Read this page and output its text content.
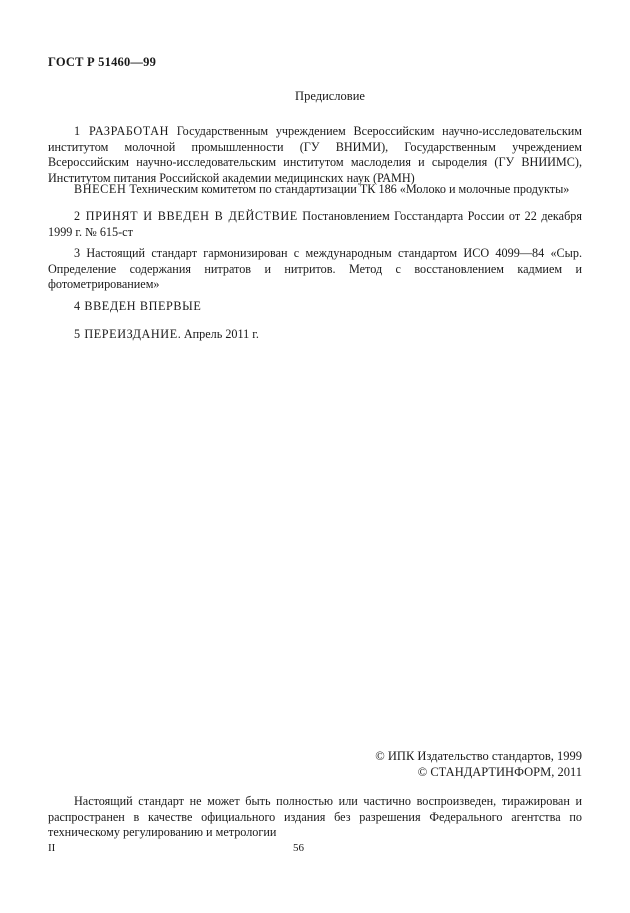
ГОСТ Р 51460—99
Предисловие

1 РАЗРАБОТАН Государственным учреждением Всероссийским научно-исследовательским институтом молочной промышленности (ГУ ВНИМИ), Государственным учреждением Всероссийским научно-исследовательским институтом маслоделия и сыроделия (ГУ ВНИИМС), Институтом питания Российской академии медицинских наук (РАМН)

ВНЕСЕН Техническим комитетом по стандартизации ТК 186 «Молоко и молочные продукты»

2 ПРИНЯТ И ВВЕДЕН В ДЕЙСТВИЕ Постановлением Госстандарта России от 22 декабря 1999 г. № 615-ст

3 Настоящий стандарт гармонизирован с международным стандартом ИСО 4099—84 «Сыр. Определение содержания нитратов и нитритов. Метод с восстановлением кадмием и фотометрированием»

4 ВВЕДЕН ВПЕРВЫЕ

5 ПЕРЕИЗДАНИЕ. Апрель 2011 г.

© ИПК Издательство стандартов, 1999
© СТАНДАРТИНФОРМ, 2011

Настоящий стандарт не может быть полностью или частично воспроизведен, тиражирован и распространен в качестве официального издания без разрешения Федерального агентства по техническому регулированию и метрологии

II	56
